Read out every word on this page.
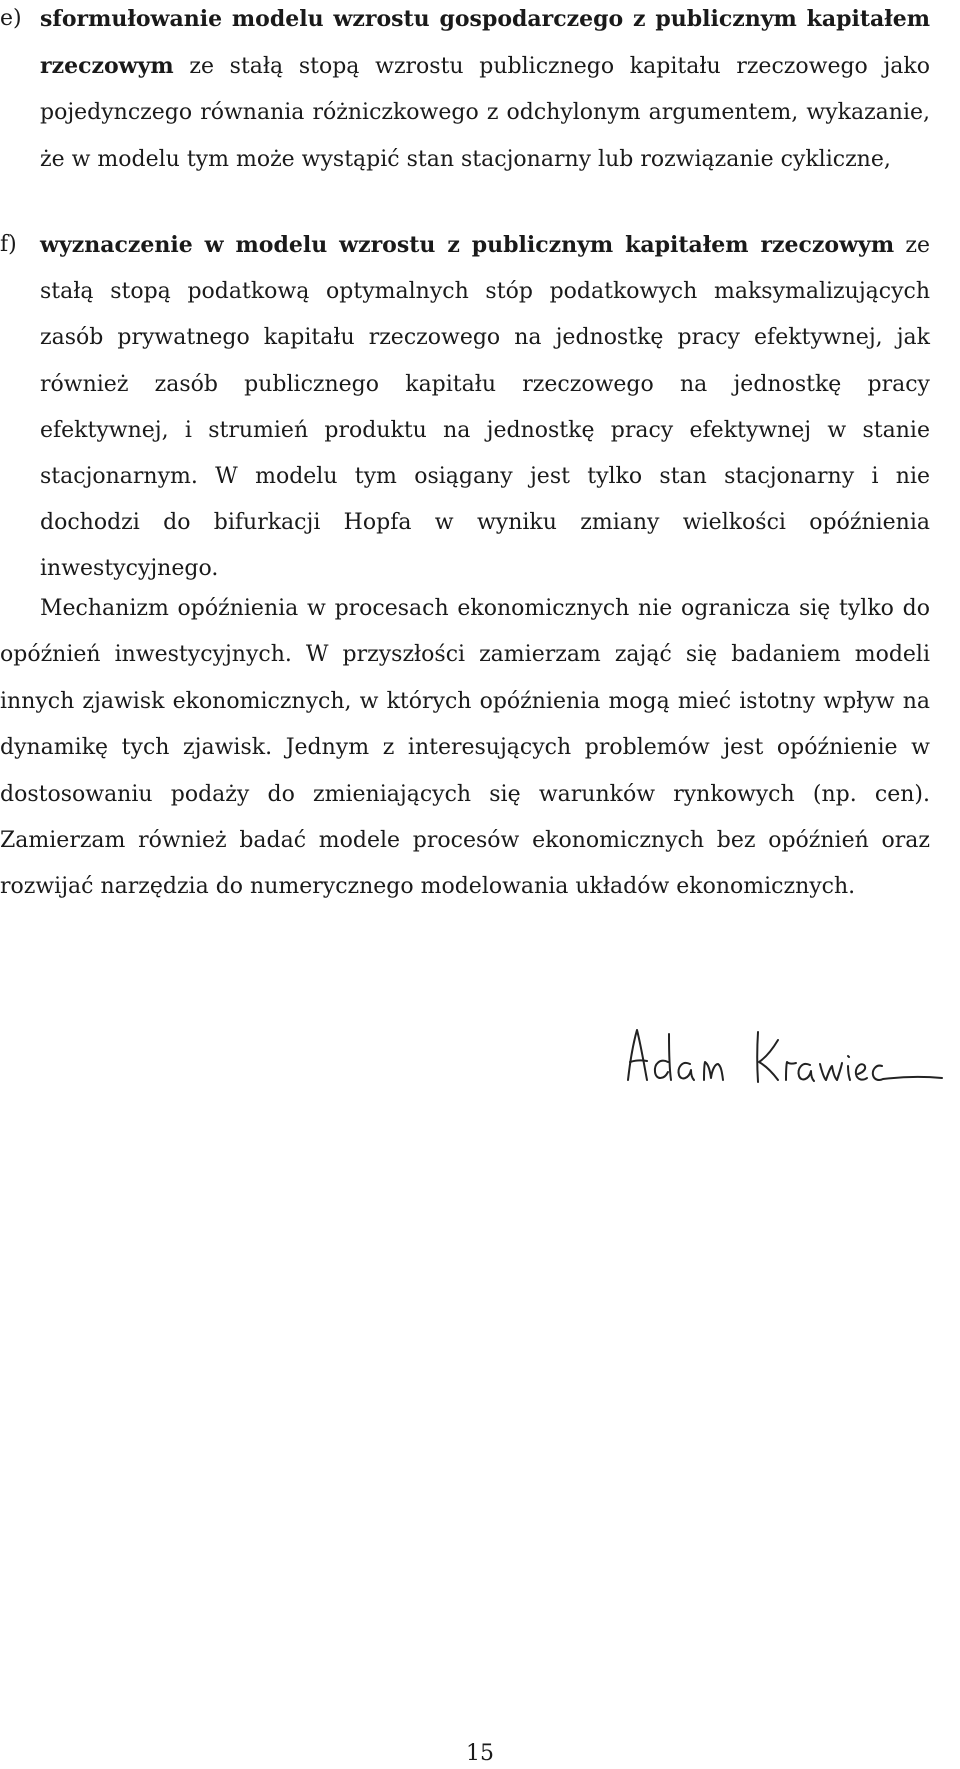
e) sformułowanie modelu wzrostu gospodarczego z publicznym kapitałem rzeczowym ze stałą stopą wzrostu publicznego kapitału rzeczowego jako pojedynczego równania różniczkowego z odchylonym argumentem, wykazanie, że w modelu tym może wystąpić stan stacjonarny lub rozwiązanie cykliczne,
f) wyznaczenie w modelu wzrostu z publicznym kapitałem rzeczowym ze stałą stopą podatkową optymalnych stóp podatkowych maksymalizujących zasób prywatnego kapitału rzeczowego na jednostkę pracy efektywnej, jak również zasób publicznego kapitału rzeczowego na jednostkę pracy efektywnej, i strumień produktu na jednostkę pracy efektywnej w stanie stacjonarnym. W modelu tym osiągany jest tylko stan stacjonarny i nie dochodzi do bifurkacji Hopfa w wyniku zmiany wielkości opóźnienia inwestycyjnego.

Mechanizm opóźnienia w procesach ekonomicznych nie ogranicza się tylko do opóźnień inwestycyjnych. W przyszłości zamierzam zająć się badaniem modeli innych zjawisk ekonomicznych, w których opóźnienia mogą mieć istotny wpływ na dynamikę tych zjawisk. Jednym z interesujących problemów jest opóźnienie w dostosowaniu podaży do zmieniających się warunków rynkowych (np. cen). Zamierzam również badać modele procesów ekonomicznych bez opóźnień oraz rozwijać narzędzia do numerycznego modelowania układów ekonomicznych.

15
